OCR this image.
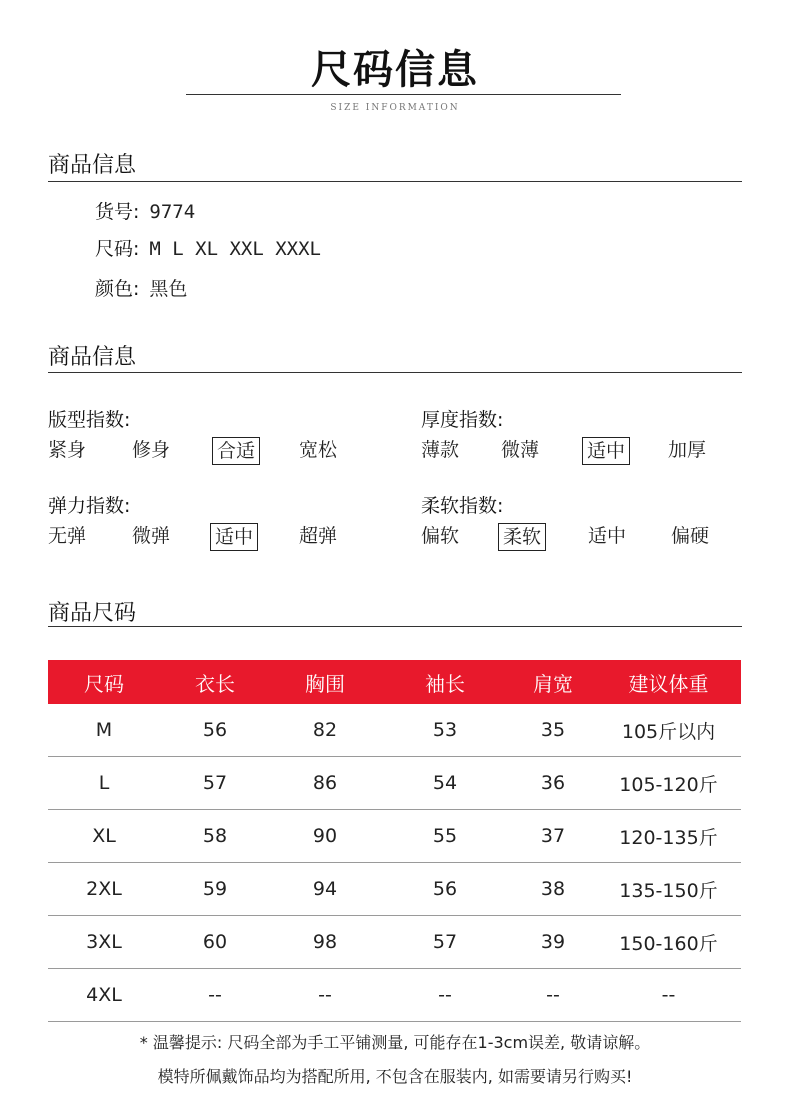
尺码信息
SIZE INFORMATION
商品信息
货号: 9774
尺码: M L XL XXL XXXL
颜色: 黑色
商品信息
版型指数:
紧身 修身 合适 宽松
厚度指数:
薄款 微薄	适中 加厚
弹力指数:
无弹 微弹 适中 超弹
柔软指数:
偏软 柔软 适中 偏硬
商品尺码
尺码	衣长	胸围	袖长	肩宽	建议体重
M	56	82	53	35	105斤以内
L	57	86	54	36	105-120斤
XL	58	90	55	37	120-135斤
2XL	59	94	56	38	135-150斤
3XL	60	98	57	39	150-160斤
4XL	--	--	--	--	--
* 温馨提示: 尺码全部为手工平铺测量, 可能存在1-3cm误差, 敬请谅解。
模特所佩戴饰品均为搭配所用, 不包含在服装内, 如需要请另行购买!
